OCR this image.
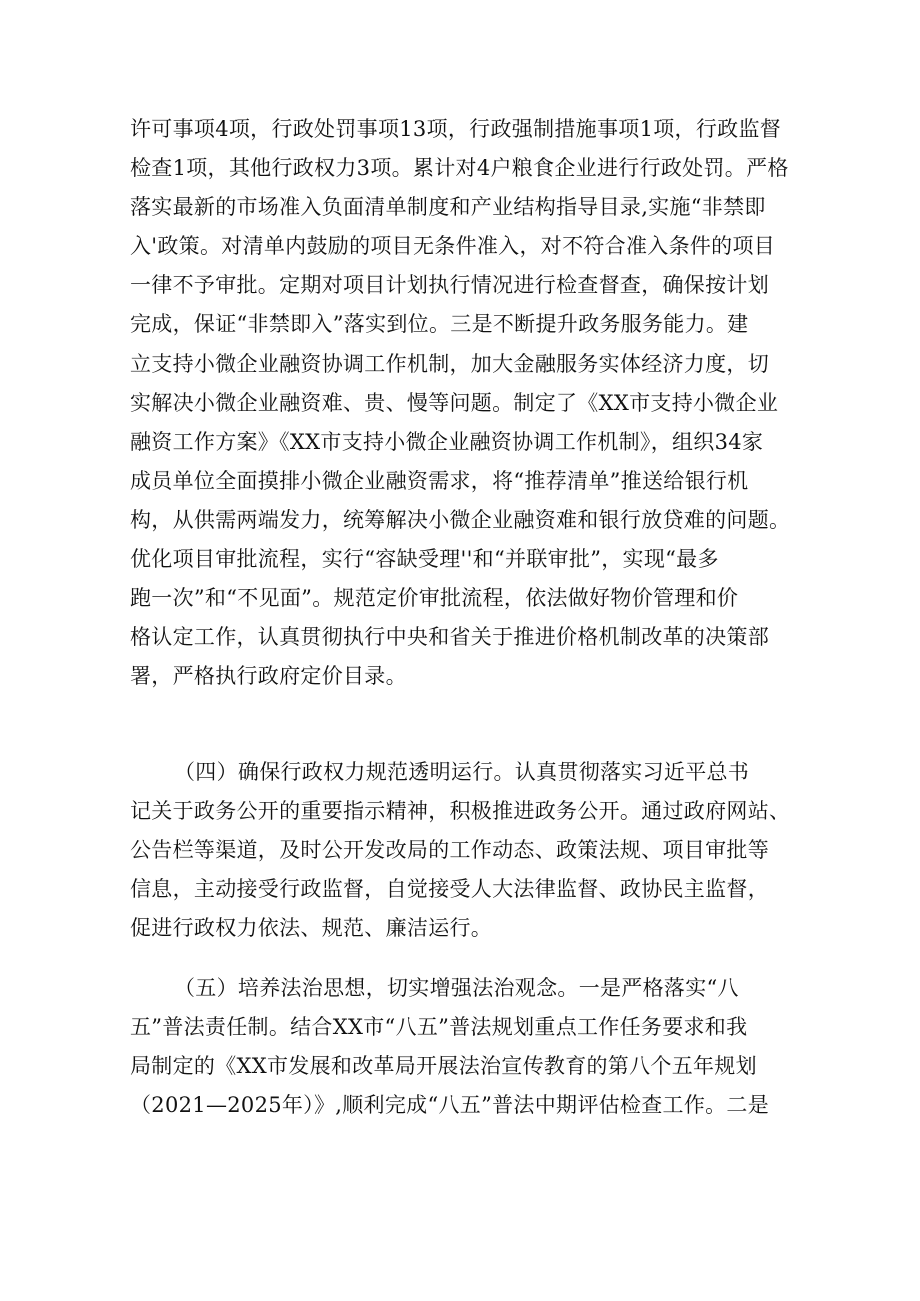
许可事项4项，行政处罚事项13项，行政强制措施事项1项，行政监督
检查1项，其他行政权力3项。累计对4户粮食企业进行行政处罚。严格
落实最新的市场准入负面清单制度和产业结构指导目录,实施“非禁即
入'政策。对清单内鼓励的项目无条件准入，对不符合准入条件的项目
一律不予审批。定期对项目计划执行情况进行检查督查，确保按计划
完成，保证“非禁即入”落实到位。三是不断提升政务服务能力。建
立支持小微企业融资协调工作机制，加大金融服务实体经济力度，切
实解决小微企业融资难、贵、慢等问题。制定了《XX市支持小微企业
融资工作方案》《XX市支持小微企业融资协调工作机制》，组织34家
成员单位全面摸排小微企业融资需求，将“推荐清单”推送给银行机
构，从供需两端发力，统筹解决小微企业融资难和银行放贷难的问题。
优化项目审批流程，实行“容缺受理''和“并联审批”，实现“最多
跑一次”和“不见面”。规范定价审批流程，依法做好物价管理和价
格认定工作，认真贯彻执行中央和省关于推进价格机制改革的决策部
署，严格执行政府定价目录。
（四）确保行政权力规范透明运行。认真贯彻落实习近平总书
记关于政务公开的重要指示精神，积极推进政务公开。通过政府网站、
公告栏等渠道，及时公开发改局的工作动态、政策法规、项目审批等
信息，主动接受行政监督，自觉接受人大法律监督、政协民主监督，
促进行政权力依法、规范、廉洁运行。
（五）培养法治思想，切实增强法治观念。一是严格落实“八
五”普法责任制。结合XX市“八五”普法规划重点工作任务要求和我
局制定的《XX市发展和改革局开展法治宣传教育的第八个五年规划
（2021—2025年）》,顺利完成“八五”普法中期评估检查工作。二是
